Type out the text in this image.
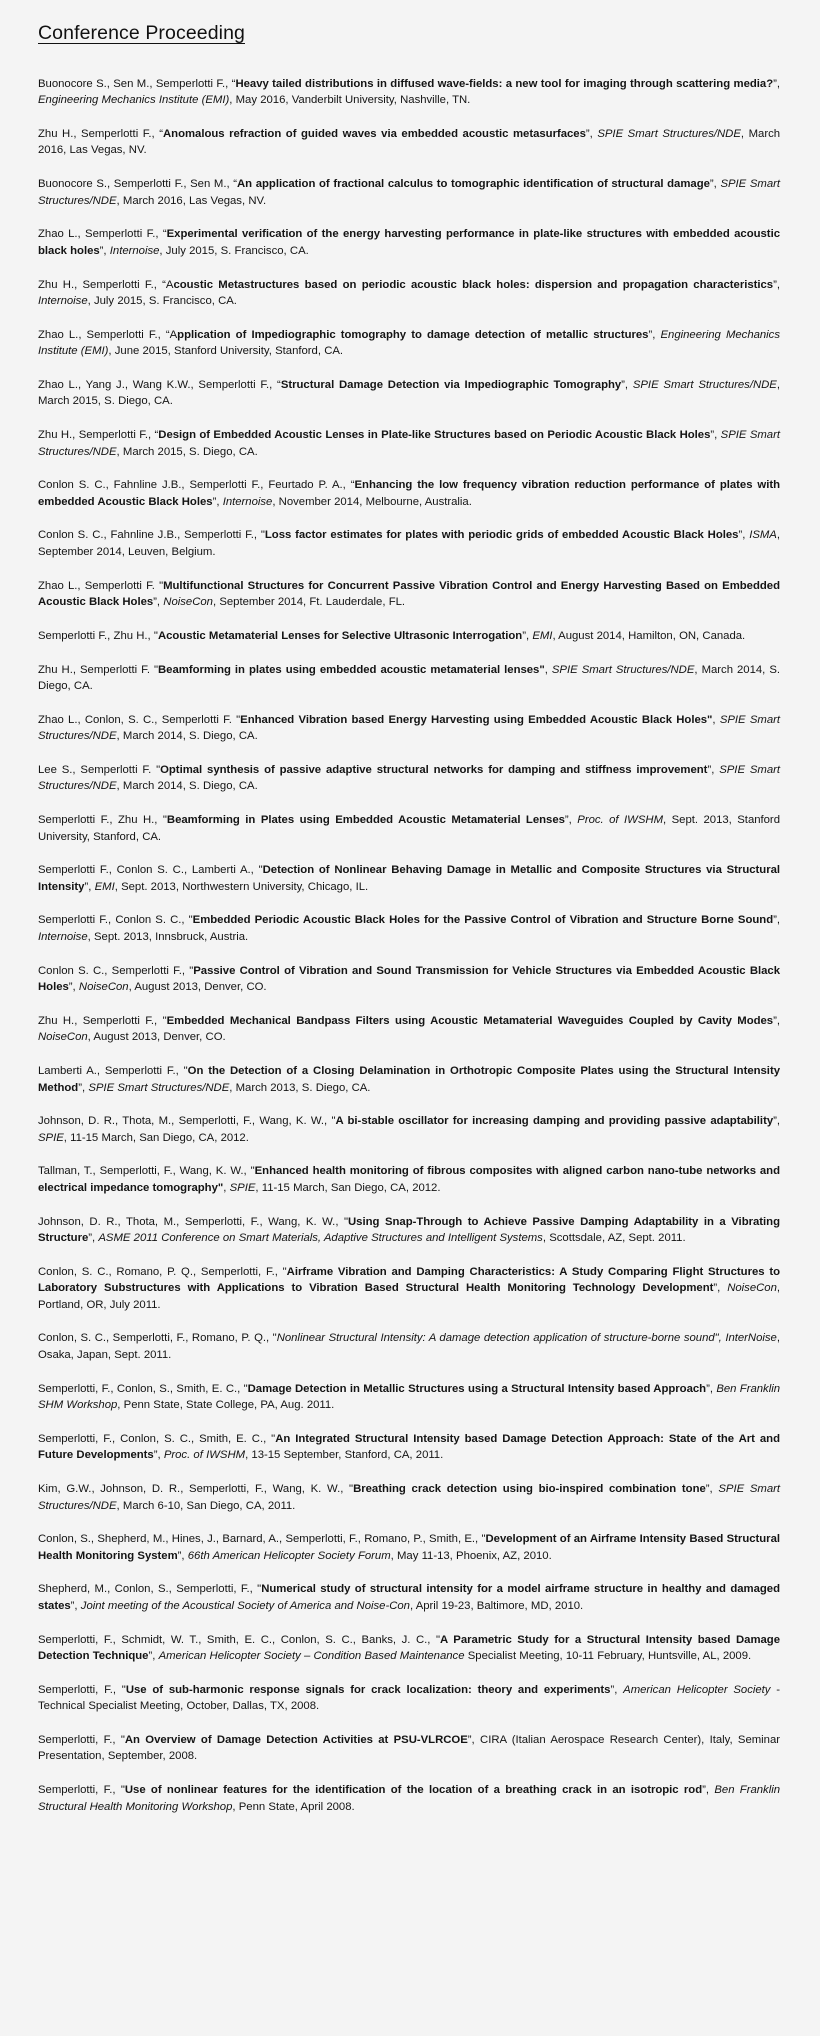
Conference Proceeding

Buonocore S., Sen M., Semperlotti F., “Heavy tailed distributions in diffused wave-fields: a new tool for imaging through scattering media?”, Engineering Mechanics Institute (EMI), May 2016, Vanderbilt University, Nashville, TN.

Zhu H., Semperlotti F., “Anomalous refraction of guided waves via embedded acoustic metasurfaces”, SPIE Smart Structures/NDE, March 2016, Las Vegas, NV.

Buonocore S., Semperlotti F., Sen M., “An application of fractional calculus to tomographic identification of structural damage”, SPIE Smart Structures/NDE, March 2016, Las Vegas, NV.

Zhao L., Semperlotti F., “Experimental verification of the energy harvesting performance in plate-like structures with embedded acoustic black holes”, Internoise, July 2015, S. Francisco, CA.

Zhu H., Semperlotti F., “Acoustic Metastructures based on periodic acoustic black holes: dispersion and propagation characteristics”, Internoise, July 2015, S. Francisco, CA.

Zhao L., Semperlotti F., “Application of Impediographic tomography to damage detection of metallic structures”, Engineering Mechanics Institute (EMI), June 2015, Stanford University, Stanford, CA.

Zhao L., Yang J., Wang K.W., Semperlotti F., “Structural Damage Detection via Impediographic Tomography”, SPIE Smart Structures/NDE, March 2015, S. Diego, CA.

Zhu H., Semperlotti F., “Design of Embedded Acoustic Lenses in Plate-like Structures based on Periodic Acoustic Black Holes”, SPIE Smart Structures/NDE, March 2015, S. Diego, CA.

Conlon S. C., Fahnline J.B., Semperlotti F., Feurtado P. A., “Enhancing the low frequency vibration reduction performance of plates with embedded Acoustic Black Holes”, Internoise, November 2014, Melbourne, Australia.

Conlon S. C., Fahnline J.B., Semperlotti F., "Loss factor estimates for plates with periodic grids of embedded Acoustic Black Holes”, ISMA, September 2014, Leuven, Belgium.

Zhao L., Semperlotti F. "Multifunctional Structures for Concurrent Passive Vibration Control and Energy Harvesting Based on Embedded Acoustic Black Holes”, NoiseCon, September 2014, Ft. Lauderdale, FL.

Semperlotti F., Zhu H., "Acoustic Metamaterial Lenses for Selective Ultrasonic Interrogation”, EMI, August 2014, Hamilton, ON, Canada.

Zhu H., Semperlotti F. "Beamforming in plates using embedded acoustic metamaterial lenses", SPIE Smart Structures/NDE, March 2014, S. Diego, CA.

Zhao L., Conlon, S. C., Semperlotti F. "Enhanced Vibration based Energy Harvesting using Embedded Acoustic Black Holes", SPIE Smart Structures/NDE, March 2014, S. Diego, CA.

Lee S., Semperlotti F. "Optimal synthesis of passive adaptive structural networks for damping and stiffness improvement”, SPIE Smart Structures/NDE, March 2014, S. Diego, CA.

Semperlotti F., Zhu H., "Beamforming in Plates using Embedded Acoustic Metamaterial Lenses”, Proc. of IWSHM, Sept. 2013, Stanford University, Stanford, CA.

Semperlotti F., Conlon S. C., Lamberti A., "Detection of Nonlinear Behaving Damage in Metallic and Composite Structures via Structural Intensity”, EMI, Sept. 2013, Northwestern University, Chicago, IL.

Semperlotti F., Conlon S. C., "Embedded Periodic Acoustic Black Holes for the Passive Control of Vibration and Structure Borne Sound”, Internoise, Sept. 2013, Innsbruck, Austria.

Conlon S. C., Semperlotti F., "Passive Control of Vibration and Sound Transmission for Vehicle Structures via Embedded Acoustic Black Holes”, NoiseCon, August 2013, Denver, CO.

Zhu H., Semperlotti F., "Embedded Mechanical Bandpass Filters using Acoustic Metamaterial Waveguides Coupled by Cavity Modes”, NoiseCon, August 2013, Denver, CO.

Lamberti A., Semperlotti F., "On the Detection of a Closing Delamination in Orthotropic Composite Plates using the Structural Intensity Method”, SPIE Smart Structures/NDE, March 2013, S. Diego, CA.

Johnson, D. R., Thota, M., Semperlotti, F., Wang, K. W., "A bi-stable oscillator for increasing damping and providing passive adaptability”, SPIE, 11-15 March, San Diego, CA, 2012.

Tallman, T., Semperlotti, F., Wang, K. W., "Enhanced health monitoring of fibrous composites with aligned carbon nano-tube networks and electrical impedance tomography", SPIE, 11-15 March, San Diego, CA, 2012.

Johnson, D. R., Thota, M., Semperlotti, F., Wang, K. W., "Using Snap-Through to Achieve Passive Damping Adaptability in a Vibrating Structure”, ASME 2011 Conference on Smart Materials, Adaptive Structures and Intelligent Systems, Scottsdale, AZ, Sept. 2011.

Conlon, S. C., Romano, P. Q., Semperlotti, F., "Airframe Vibration and Damping Characteristics: A Study Comparing Flight Structures to Laboratory Substructures with Applications to Vibration Based Structural Health Monitoring Technology Development”, NoiseCon, Portland, OR, July 2011.

Conlon, S. C., Semperlotti, F., Romano, P. Q., "Nonlinear Structural Intensity: A damage detection application of structure-borne sound", InterNoise, Osaka, Japan, Sept. 2011.

Semperlotti, F., Conlon, S., Smith, E. C., "Damage Detection in Metallic Structures using a Structural Intensity based Approach”, Ben Franklin SHM Workshop, Penn State, State College, PA, Aug. 2011.

Semperlotti, F., Conlon, S. C., Smith, E. C., "An Integrated Structural Intensity based Damage Detection Approach: State of the Art and Future Developments”, Proc. of IWSHM, 13-15 September, Stanford, CA, 2011.

Kim, G.W., Johnson, D. R., Semperlotti, F., Wang, K. W., "Breathing crack detection using bio-inspired combination tone”, SPIE Smart Structures/NDE, March 6-10, San Diego, CA, 2011.

Conlon, S., Shepherd, M., Hines, J., Barnard, A., Semperlotti, F., Romano, P., Smith, E., "Development of an Airframe Intensity Based Structural Health Monitoring System”, 66th American Helicopter Society Forum, May 11-13, Phoenix, AZ, 2010.

Shepherd, M., Conlon, S., Semperlotti, F., "Numerical study of structural intensity for a model airframe structure in healthy and damaged states”, Joint meeting of the Acoustical Society of America and Noise-Con, April 19-23, Baltimore, MD, 2010.

Semperlotti, F., Schmidt, W. T., Smith, E. C., Conlon, S. C., Banks, J. C., "A Parametric Study for a Structural Intensity based Damage Detection Technique”, American Helicopter Society – Condition Based Maintenance Specialist Meeting, 10-11 February, Huntsville, AL, 2009.

Semperlotti, F., "Use of sub-harmonic response signals for crack localization: theory and experiments”, American Helicopter Society - Technical Specialist Meeting, October, Dallas, TX, 2008.

Semperlotti, F., "An Overview of Damage Detection Activities at PSU-VLRCOE”, CIRA (Italian Aerospace Research Center), Italy, Seminar Presentation, September, 2008.

Semperlotti, F., "Use of nonlinear features for the identification of the location of a breathing crack in an isotropic rod”, Ben Franklin Structural Health Monitoring Workshop, Penn State, April 2008.
